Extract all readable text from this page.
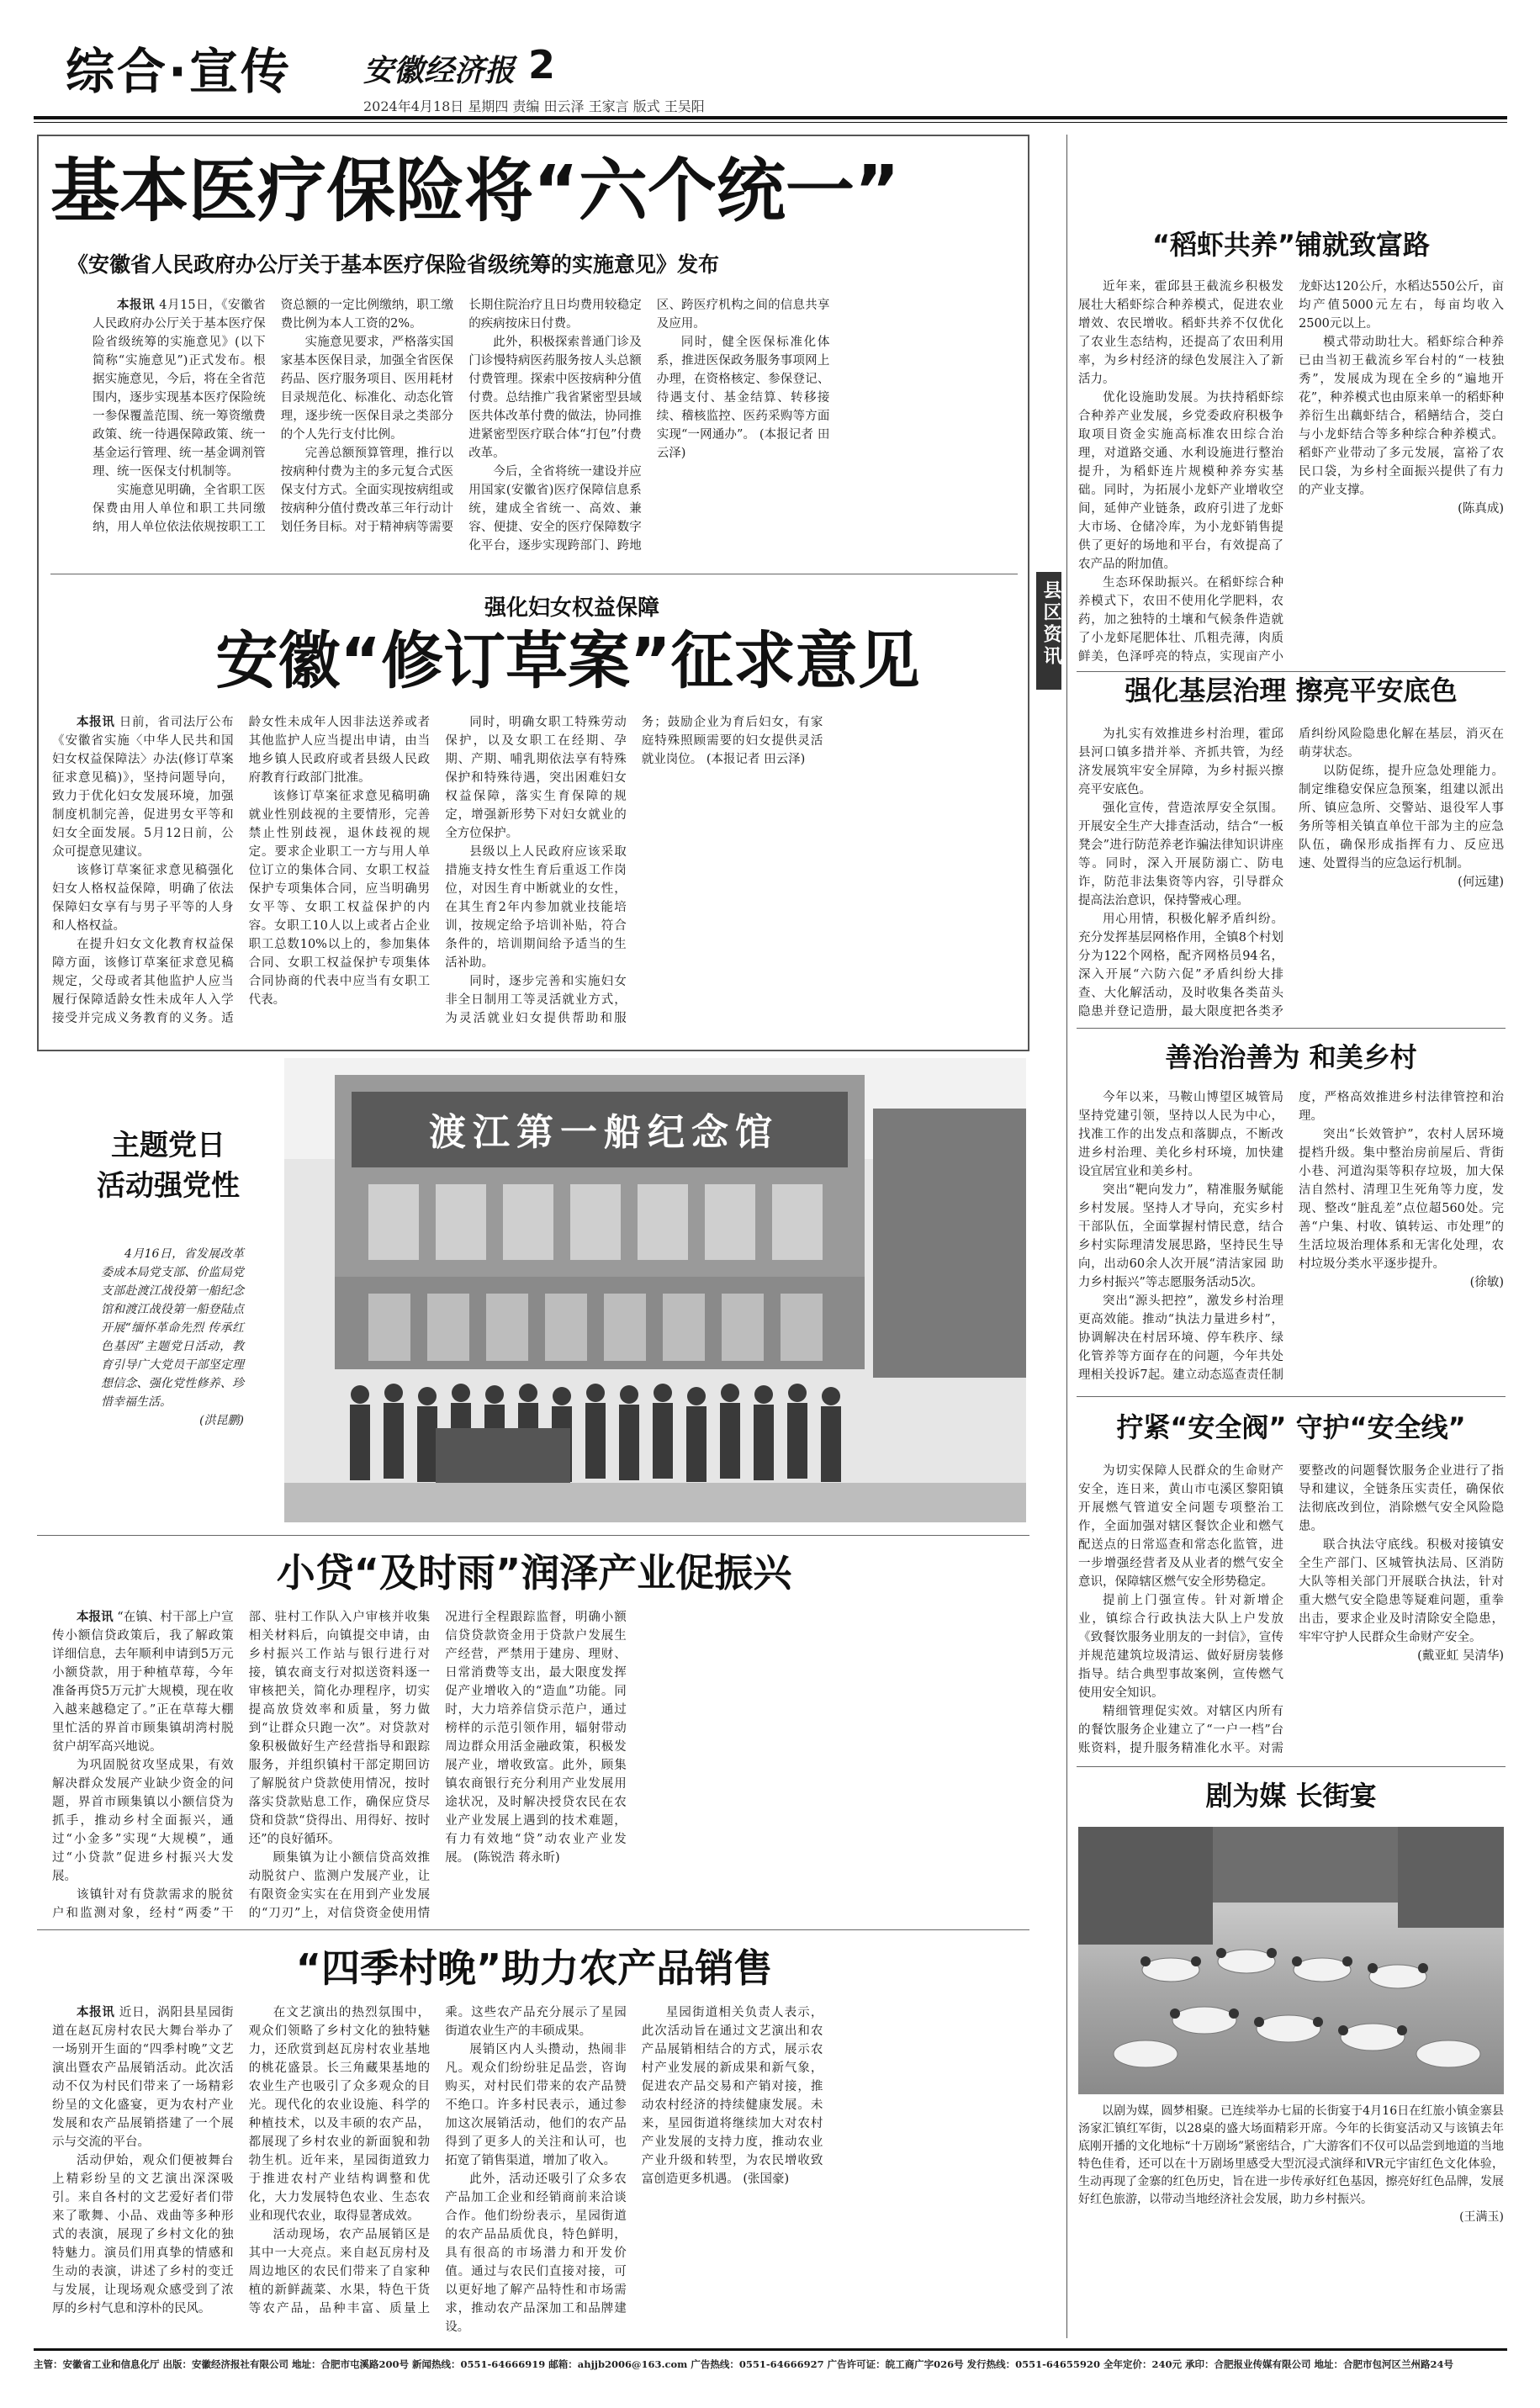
综合·宣传 安徽经济报 2
2024年4月18日 星期四 责编 田云泽 王家言 版式 王吴阳
基本医疗保险将“六个统一”
《安徽省人民政府办公厅关于基本医疗保险省级统筹的实施意见》发布

本报讯 4月15日，《安徽省人民政府办公厅关于基本医疗保险省级统筹的实施意见》(以下简称“实施意见”)正式发布。根据实施意见，今后，将在全省范围内，逐步实现基本医疗保险统一参保覆盖范围、统一筹资缴费政策、统一待遇保障政策、统一基金运行管理、统一基金调剂管理、统一医保支付机制等。

实施意见明确，全省职工医保费由用人单位和职工共同缴纳，用人单位依法依规按职工工资总额的一定比例缴纳，职工缴费比例为本人工资的2%。

实施意见要求，严格落实国家基本医保目录，加强全省医保药品、医疗服务项目、医用耗材目录规范化、标准化、动态化管理，逐步统一医保目录之类部分的个人先行支付比例。

完善总额预算管理，推行以按病种付费为主的多元复合式医保支付方式。全面实现按病组或按病种分值付费改革三年行动计划任务目标。对于精神病等需要长期住院治疗且日均费用较稳定的疾病按床日付费。

此外，积极探索普通门诊及门诊慢特病医药服务按人头总额付费管理。探索中医按病种分值付费。总结推广我省紧密型县域医共体改革付费的做法，协同推进紧密型医疗联合体“打包”付费改革。

今后，全省将统一建设并应用国家(安徽省)医疗保障信息系统，建成全省统一、高效、兼容、便捷、安全的医疗保障数字化平台，逐步实现跨部门、跨地区、跨医疗机构之间的信息共享及应用。

同时，健全医保标准化体系，推进医保政务服务事项网上办理，在资格核定、参保登记、待遇支付、基金结算、转移接续、稽核监控、医药采购等方面实现“一网通办”。 (本报记者 田云泽)

强化妇女权益保障
安徽“修订草案”征求意见

本报讯 日前，省司法厅公布《安徽省实施〈中华人民共和国妇女权益保障法〉办法(修订草案征求意见稿)》，坚持问题导向，致力于优化妇女发展环境，加强制度机制完善，促进男女平等和妇女全面发展。5月12日前，公众可提意见建议。

该修订草案征求意见稿强化妇女人格权益保障，明确了依法保障妇女享有与男子平等的人身和人格权益。

在提升妇女文化教育权益保障方面，该修订草案征求意见稿规定，父母或者其他监护人应当履行保障适龄女性未成年人入学接受并完成义务教育的义务。适龄女性未成年人因非法送养或者其他监护人应当提出申请，由当地乡镇人民政府或者县级人民政府教育行政部门批准。

该修订草案征求意见稿明确就业性别歧视的主要情形，完善禁止性别歧视，退休歧视的规定。要求企业职工一方与用人单位订立的集体合同、女职工权益保护专项集体合同，应当明确男女平等、女职工权益保护的内容。女职工10人以上或者占企业职工总数10%以上的，参加集体合同、女职工权益保护专项集体合同协商的代表中应当有女职工代表。

同时，明确女职工特殊劳动保护，以及女职工在经期、孕期、产期、哺乳期依法享有特殊保护和特殊待遇，突出困难妇女权益保障，落实生育保障的规定，增强新形势下对妇女就业的全方位保护。

县级以上人民政府应该采取措施支持女性生育后重返工作岗位，对因生育中断就业的女性，在其生育2年内参加就业技能培训，按规定给予培训补贴，符合条件的，培训期间给予适当的生活补助。

同时，逐步完善和实施妇女非全日制用工等灵活就业方式，为灵活就业妇女提供帮助和服务；鼓励企业为育后妇女，有家庭特殊照顾需要的妇女提供灵活就业岗位。 (本报记者 田云泽)

县区资讯
“稻虾共养”铺就致富路

近年来，霍邱县王截流乡积极发展壮大稻虾综合种养模式，促进农业增效、农民增收。稻虾共养不仅优化了农业生态结构，还提高了农田利用率，为乡村经济的绿色发展注入了新活力。

优化设施助发展。为扶持稻虾综合种养产业发展，乡党委政府积极争取项目资金实施高标准农田综合治理，对道路交通、水利设施进行整治提升，为稻虾连片规模种养夯实基础。同时，为拓展小龙虾产业增收空间，延伸产业链条，政府引进了龙虾大市场、仓储冷库，为小龙虾销售提供了更好的场地和平台，有效提高了农产品的附加值。

生态环保助振兴。在稻虾综合种养模式下，农田不使用化学肥料，农药，加之独特的土壤和气候条件造就了小龙虾尾肥体壮、爪粗壳薄，肉质鲜美，色泽呼亮的特点，实现亩产小龙虾达120公斤，水稻达550公斤，亩均产值5000元左右，每亩均收入2500元以上。

模式带动助壮大。稻虾综合种养已由当初王截流乡军台村的“一枝独秀”，发展成为现在全乡的“遍地开花”，种养模式也由原来单一的稻虾种养衍生出藕虾结合，稻鳝结合，茭白与小龙虾结合等多种综合种养模式。稻虾产业带动了多元发展，富裕了农民口袋，为乡村全面振兴提供了有力的产业支撑。
(陈真成)

强化基层治理 擦亮平安底色

为扎实有效推进乡村治理，霍邱县河口镇多措并举、齐抓共管，为经济发展筑牢安全屏障，为乡村振兴擦亮平安底色。

强化宣传，营造浓厚安全氛围。开展安全生产大排查活动，结合“一板凳会”进行防范养老诈骗法律知识讲座等。同时，深入开展防溺亡、防电诈，防范非法集资等内容，引导群众提高法治意识，保持警戒心理。

用心用情，积极化解矛盾纠纷。充分发挥基层网格作用，全镇8个村划分为122个网格，配齐网格员94名，深入开展“六防六促”矛盾纠纷大排查、大化解活动，及时收集各类苗头隐患并登记造册，最大限度把各类矛盾纠纷风险隐患化解在基层，消灭在萌芽状态。

以防促练，提升应急处理能力。制定维稳安保应急预案，组建以派出所、镇应急所、交警站、退役军人事务所等相关镇直单位干部为主的应急队伍，确保形成指挥有力、反应迅速、处置得当的应急运行机制。
(何远建)

善治治善为 和美乡村

今年以来，马鞍山博望区城管局坚持党建引领，坚持以人民为中心，找准工作的出发点和落脚点，不断改进乡村治理、美化乡村环境，加快建设宜居宜业和美乡村。

突出“靶向发力”，精准服务赋能乡村发展。坚持人才导向，充实乡村干部队伍，全面掌握村情民意，结合乡村实际理清发展思路，坚持民生导向，出动60余人次开展“清洁家园 助力乡村振兴”等志愿服务活动5次。

突出“源头把控”，激发乡村治理更高效能。推动“执法力量进乡村”，协调解决在村居环境、停车秩序、绿化管养等方面存在的问题，今年共处理相关投诉7起。建立动态巡查责任制度，严格高效推进乡村法律管控和治理。

突出“长效管护”，农村人居环境提档升级。集中整治房前屋后、背街小巷、河道沟渠等积存垃圾，加大保洁自然村、清理卫生死角等力度，发现、整改“脏乱差”点位超560处。完善“户集、村收、镇转运、市处理”的生活垃圾治理体系和无害化处理，农村垃圾分类水平逐步提升。
(徐敏)

拧紧“安全阀” 守护“安全线”

为切实保障人民群众的生命财产安全，连日来，黄山市屯溪区黎阳镇开展燃气管道安全问题专项整治工作，全面加强对辖区餐饮企业和燃气配送点的日常巡查和常态化监管，进一步增强经营者及从业者的燃气安全意识，保障辖区燃气安全形势稳定。

提前上门强宣传。针对新增企业，镇综合行政执法大队上户发放《致餐饮服务业朋友的一封信》，宣传并规范建筑垃圾清运、做好厨房装修指导。结合典型事故案例，宣传燃气使用安全知识。

精细管理促实效。对辖区内所有的餐饮服务企业建立了“一户一档”台账资料，提升服务精准化水平。对需要整改的问题餐饮服务企业进行了指导和建议，全链条压实责任，确保依法彻底改到位，消除燃气安全风险隐患。

联合执法守底线。积极对接镇安全生产部门、区城管执法局、区消防大队等相关部门开展联合执法，针对重大燃气安全隐患等疑难问题，重拳出击，要求企业及时清除安全隐患，牢牢守护人民群众生命财产安全。
(戴亚虹 吴清华)

剧为媒 长街宴
以剧为媒，圆梦相聚。已连续举办七届的长街宴于4月16日在红旅小镇金寨县汤家汇镇红军街，以28桌的盛大场面精彩开席。今年的长街宴活动又与该镇去年底刚开播的文化地标“十万剧场”紧密结合，广大游客们不仅可以品尝到地道的当地特色佳肴，还可以在十万剧场里感受大型沉浸式演绎和VR元宇宙红色文化体验，生动再现了金寨的红色历史，旨在进一步传承好红色基因，擦亮好红色品牌，发展好红色旅游，以带动当地经济社会发展，助力乡村振兴。
(王满玉)
主题党日
活动强党性
4月16日，省发展改革委成本局党支部、价监局党支部赴渡江战役第一船纪念馆和渡江战役第一船登陆点开展“缅怀革命先烈 传承红色基因”主题党日活动，教育引导广大党员干部坚定理想信念、强化党性修养、珍惜幸福生活。
(洪昆鹏)
渡江第一船纪念馆
小贷“及时雨”润泽产业促振兴

本报讯 “在镇、村干部上户宣传小额信贷政策后，我了解政策详细信息，去年顺利申请到5万元小额贷款，用于种植草莓，今年准备再贷5万元扩大规模，现在收入越来越稳定了。”正在草莓大棚里忙活的界首市顾集镇胡湾村脱贫户胡军高兴地说。

为巩固脱贫攻坚成果，有效解决群众发展产业缺少资金的问题，界首市顾集镇以小额信贷为抓手，推动乡村全面振兴，通过“小金多”实现“大规模”，通过“小贷款”促进乡村振兴大发展。

该镇针对有贷款需求的脱贫户和监测对象，经村“两委”干部、驻村工作队入户审核并收集相关材料后，向镇提交申请，由乡村振兴工作站与银行进行对接，镇农商支行对拟送资料逐一审核把关，简化办理程序，切实提高放贷效率和质量，努力做到“让群众只跑一次”。对贷款对象积极做好生产经营指导和跟踪服务，并组织镇村干部定期回访了解脱贫户贷款使用情况，按时落实贷款贴息工作，确保应贷尽贷和贷款“贷得出、用得好、按时还”的良好循环。

顾集镇为让小额信贷高效推动脱贫户、监测户发展产业，让有限资金实实在在用到产业发展的“刀刃”上，对信贷资金使用情况进行全程跟踪监督，明确小额信贷贷款资金用于贷款户发展生产经营，严禁用于建房、理财、日常消费等支出，最大限度发挥促产业增收入的“造血”功能。同时，大力培养信贷示范户，通过榜样的示范引领作用，辐射带动周边群众用活金融政策，积极发展产业，增收致富。此外，顾集镇农商银行充分利用产业发展用途状况，及时解决授贷农民在农业产业发展上遇到的技术难题，有力有效地“贷”动农业产业发展。 (陈锐浩 蒋永昕)

“四季村晚”助力农产品销售

本报讯 近日，涡阳县星园街道在赵瓦房村农民大舞台举办了一场别开生面的“四季村晚”文艺演出暨农产品展销活动。此次活动不仅为村民们带来了一场精彩纷呈的文化盛宴，更为农村产业发展和农产品展销搭建了一个展示与交流的平台。

活动伊始，观众们便被舞台上精彩纷呈的文艺演出深深吸引。来自各村的文艺爱好者们带来了歌舞、小品、戏曲等多种形式的表演，展现了乡村文化的独特魅力。演员们用真挚的情感和生动的表演，讲述了乡村的变迁与发展，让现场观众感受到了浓厚的乡村气息和淳朴的民风。

在文艺演出的热烈氛围中，观众们领略了乡村文化的独特魅力，还欣赏到赵瓦房村农业基地的桃花盛景。长三角藏果基地的农业生产也吸引了众多观众的目光。现代化的农业设施、科学的种植技术，以及丰硕的农产品，都展现了乡村农业的新面貌和勃勃生机。近年来，星园街道致力于推进农村产业结构调整和优化，大力发展特色农业、生态农业和现代农业，取得显著成效。

活动现场，农产品展销区是其中一大亮点。来自赵瓦房村及周边地区的农民们带来了自家种植的新鲜蔬菜、水果，特色干货等农产品，品种丰富、质量上乘。这些农产品充分展示了星园街道农业生产的丰硕成果。

展销区内人头攒动，热闹非凡。观众们纷纷驻足品尝，咨询购买，对村民们带来的农产品赞不绝口。许多村民表示，通过参加这次展销活动，他们的农产品得到了更多人的关注和认可，也拓宽了销售渠道，增加了收入。

此外，活动还吸引了众多农产品加工企业和经销商前来洽谈合作。他们纷纷表示，星园街道的农产品品质优良，特色鲜明，具有很高的市场潜力和开发价值。通过与农民们直接对接，可以更好地了解产品特性和市场需求，推动农产品深加工和品牌建设。

星园街道相关负责人表示，此次活动旨在通过文艺演出和农产品展销相结合的方式，展示农村产业发展的新成果和新气象，促进农产品交易和产销对接，推动农村经济的持续健康发展。未来，星园街道将继续加大对农村产业发展的支持力度，推动农业产业升级和转型，为农民增收致富创造更多机遇。 (张国豪)

主管：安徽省工业和信息化厅 出版：安徽经济报社有限公司 地址：合肥市屯溪路200号 新闻热线：0551-64666919 邮箱：ahjjb2006@163.com 广告热线：0551-64666927 广告许可证：皖工商广字026号 发行热线：0551-64655920 全年定价：240元 承印：合肥报业传媒有限公司 地址：合肥市包河区兰州路24号
